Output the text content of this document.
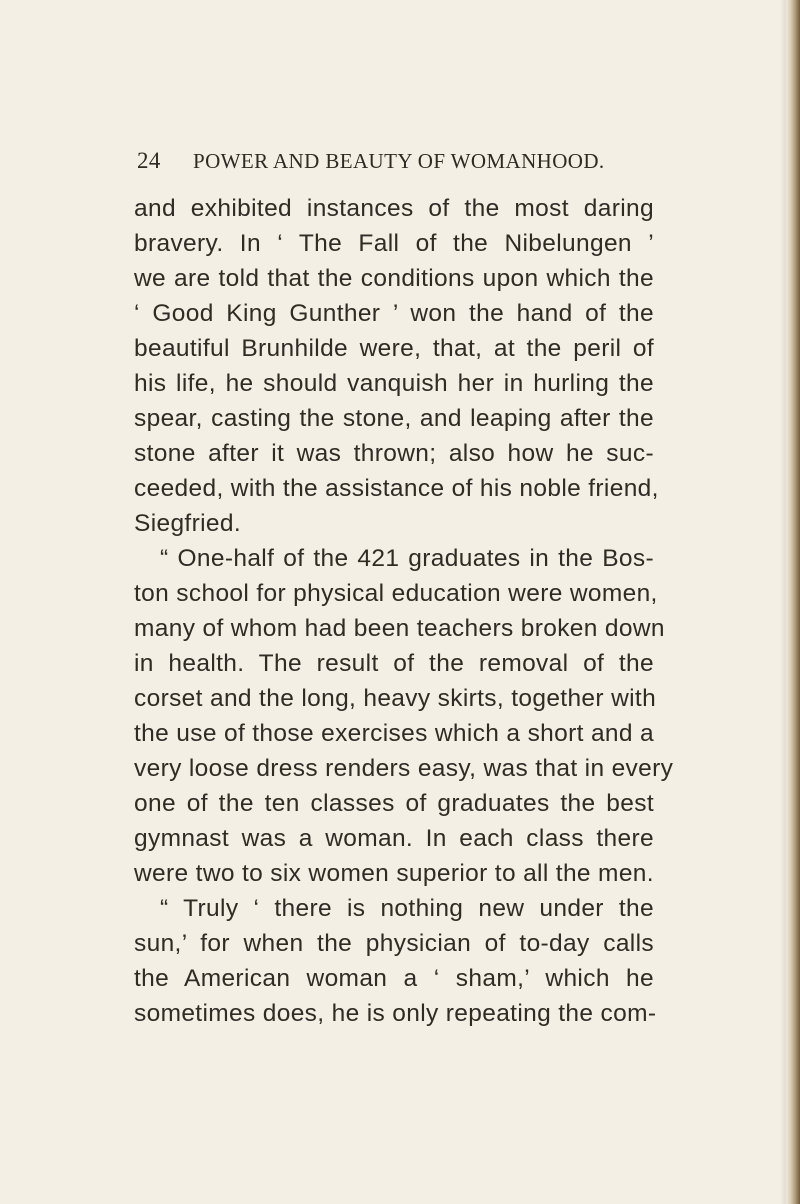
24 POWER AND BEAUTY OF WOMANHOOD.
and exhibited instances of the most daring
bravery. In ‘ The Fall of the Nibelungen ’
we are told that the conditions upon which the
‘ Good King Gunther ’ won the hand of the
beautiful Brunhilde were, that, at the peril of
his life, he should vanquish her in hurling the
spear, casting the stone, and leaping after the
stone after it was thrown; also how he suc-
ceeded, with the assistance of his noble friend,
Siegfried.
“ One-half of the 421 graduates in the Bos-
ton school for physical education were women,
many of whom had been teachers broken down
in health. The result of the removal of the
corset and the long, heavy skirts, together with
the use of those exercises which a short and a
very loose dress renders easy, was that in every
one of the ten classes of graduates the best
gymnast was a woman. In each class there
were two to six women superior to all the men.
“ Truly ‘ there is nothing new under the
sun,’ for when the physician of to-day calls
the American woman a ‘ sham,’ which he
sometimes does, he is only repeating the com-
